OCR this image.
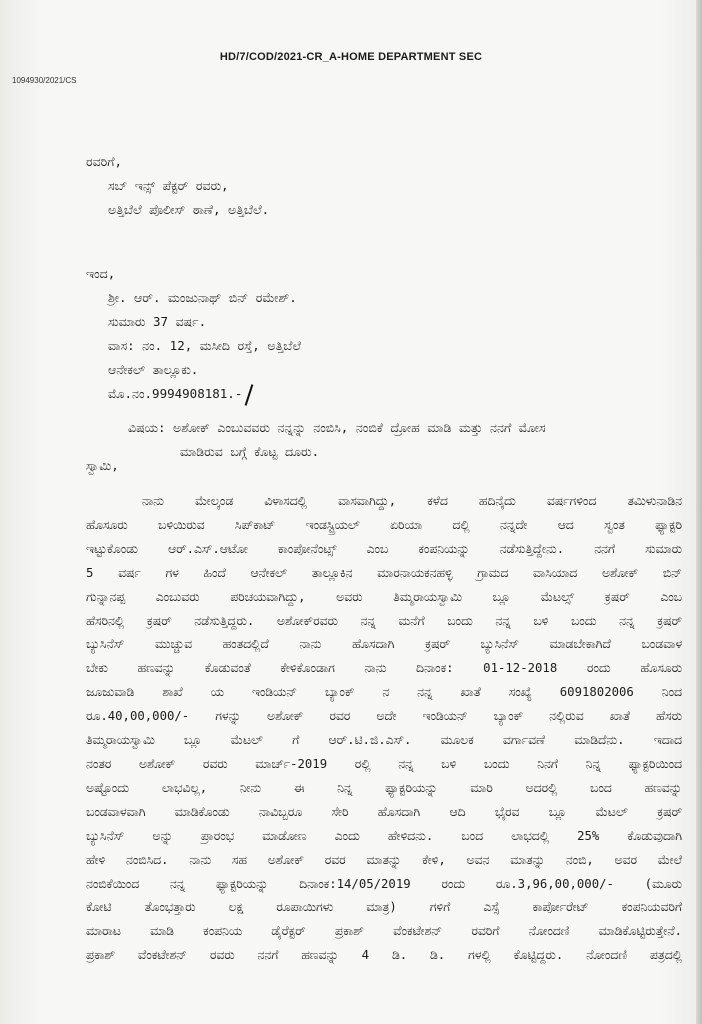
HD/7/COD/2021-CR_A-HOME DEPARTMENT SEC
1094930/2021/CS
ರವರಿಗೆ,
ಸಬ್ ಇನ್ಸ್ ಪೆಕ್ಟರ್ ರವರು,
ಅತ್ತಿಬೆಲೆ ಪೊಲೀಸ್ ಠಾಣೆ, ಅತ್ತಿಬೆಲೆ.
ಇಂದ,
ಶ್ರೀ. ಆರ್. ಮಂಜುನಾಥ್ ಬಿನ್ ರಮೇಶ್.
ಸುಮಾರು 37 ವರ್ಷ.
ವಾಸ: ನಂ. 12, ಮಸೀದಿ ರಸ್ತೆ, ಅತ್ತಿಬೆಲೆ
ಆನೇಕಲ್ ತಾಲ್ಲೂಕು.
ಮೊ.ನಂ.9994908181.-
ವಿಷಯ: ಅಶೋಕ್ ಎಂಬುವವರು ನನ್ನನ್ನು ನಂಬಿಸಿ, ನಂಬಿಕೆ ದ್ರೋಹ ಮಾಡಿ ಮತ್ತು ನನಗೆ ಮೋಸ
ಮಾಡಿರುವ ಬಗ್ಗೆ ಕೊಟ್ಟ ದೂರು.
ಸ್ವಾಮಿ,

ನಾನು ಮೇಲ್ಕಂಡ ವಿಳಾಸದಲ್ಲಿ ವಾಸವಾಗಿದ್ದು, ಕಳೆದ ಹದಿನೈದು ವರ್ಷಗಳಿಂದ ತಮಿಳುನಾಡಿನ

ಹೊಸೂರು ಬಳಿಯಿರುವ ಸಿಪ್‌ಕಾಟ್ ಇಂಡಸ್ಟ್ರಿಯಲ್ ಏರಿಯಾ ದಲ್ಲಿ ನನ್ನದೇ ಆದ ಸ್ವಂತ ಫ್ಯಾಕ್ಟರಿ

ಇಟ್ಟುಕೊಂಡು ಆರ್.ಎಸ್.ಆಟೋ ಕಾಂಪೋನೆಂಟ್ಸ್ ಎಂಬ ಕಂಪನಿಯನ್ನು ನಡೆಸುತ್ತಿದ್ದೇನು. ನನಗೆ ಸುಮಾರು

5 ವರ್ಷ ಗಳ ಹಿಂದೆ ಆನೇಕಲ್ ತಾಲ್ಲೂಕಿನ ಮಾರನಾಯಕನಹಳ್ಳಿ ಗ್ರಾಮದ ವಾಸಿಯಾದ ಅಶೋಕ್ ಬಿನ್

ಗುನ್ನಾನಪ್ಪ ಎಂಬುವರು ಪರಿಚಯವಾಗಿದ್ದು, ಅವರು ತಿಮ್ಮರಾಯಸ್ವಾಮಿ ಬ್ಲೂ ಮೆಟಲ್ಸ್ ಕ್ರಷರ್ ಎಂಬ

ಹೆಸರಿನಲ್ಲಿ ಕ್ರಷರ್ ನಡೆಸುತ್ತಿದ್ದರು. ಅಶೋಕ್‌ರವರು ನನ್ನ ಮನೆಗೆ ಬಂದು ನನ್ನ ಬಳಿ ಬಂದು ನನ್ನ ಕ್ರಷರ್

ಬ್ಯುಸಿನೆಸ್ ಮುಚ್ಚುವ ಹಂತದಲ್ಲಿದೆ ನಾನು ಹೊಸದಾಗಿ ಕ್ರಷರ್ ಬ್ಯುಸಿನೆಸ್ ಮಾಡಬೇಕಾಗಿದೆ ಬಂಡವಾಳ

ಬೇಕು ಹಣವನ್ನು ಕೊಡುವಂತೆ ಕೇಳಿಕೊಂಡಾಗ ನಾನು ದಿನಾಂಕ: 01-12-2018 ರಂದು ಹೊಸೂರು

ಜೂಜುವಾಡಿ ಶಾಖೆ ಯ ಇಂಡಿಯನ್ ಬ್ಯಾಂಕ್ ನ ನನ್ನ ಖಾತೆ ಸಂಖ್ಯೆ 6091802006 ನಿಂದ

ರೂ.40,00,000/- ಗಳನ್ನು ಅಶೋಕ್ ರವರ ಅದೇ ಇಂಡಿಯನ್ ಬ್ಯಾಂಕ್ ನಲ್ಲಿರುವ ಖಾತೆ ಹೆಸರು

ತಿಮ್ಮರಾಯಸ್ವಾಮಿ ಬ್ಲೂ ಮೆಟಲ್ ಗೆ ಆರ್.ಟಿ.ಜಿ.ಎಸ್. ಮೂಲಕ ವರ್ಗಾವಣೆ ಮಾಡಿದೆನು. ಇದಾದ

ನಂತರ ಅಶೋಕ್ ರವರು ಮಾರ್ಚ್-2019 ರಲ್ಲಿ ನನ್ನ ಬಳಿ ಬಂದು ನಿನಗೆ ನಿನ್ನ ಫ್ಯಾಕ್ಟರಿಯಿಂದ

ಅಷ್ಟೊಂದು ಲಾಭವಿಲ್ಲ, ನೀನು ಈ ನಿನ್ನ ಫ್ಯಾಕ್ಟರಿಯನ್ನು ಮಾರಿ ಅದರಲ್ಲಿ ಬಂದ ಹಣವನ್ನು

ಬಂಡವಾಳವಾಗಿ ಮಾಡಿಕೊಂಡು ನಾವಿಬ್ಬರೂ ಸೇರಿ ಹೊಸದಾಗಿ ಆದಿ ಭೈರವ ಬ್ಲೂ ಮೆಟಲ್ ಕ್ರಷರ್

ಬ್ಯುಸಿನೆಸ್ ಅನ್ನು ಪ್ರಾರಂಭ ಮಾಡೋಣ ಎಂದು ಹೇಳಿದನು. ಬಂದ ಲಾಭದಲ್ಲಿ 25% ಕೊಡುವುದಾಗಿ

ಹೇಳಿ ನಂಬಿಸಿದ. ನಾನು ಸಹ ಅಶೋಕ್ ರವರ ಮಾತನ್ನು ಕೇಳಿ, ಅವನ ಮಾತನ್ನು ನಂಬಿ, ಅವರ ಮೇಲೆ

ನಂಬಿಕೆಯಿಂದ ನನ್ನ ಫ್ಯಾಕ್ಟರಿಯನ್ನು ದಿನಾಂಕ:14/05/2019 ರಂದು ರೂ.3,96,00,000/- (ಮೂರು

ಕೋಟಿ ತೊಂಭತ್ತಾರು ಲಕ್ಷ ರೂಪಾಯಿಗಳು ಮಾತ್ರ) ಗಳಿಗೆ ಎಸ್ಸೆ ಕಾರ್ಪೋರೇಟ್ ಕಂಪನಿಯವರಿಗೆ

ಮಾರಾಟ ಮಾಡಿ ಕಂಪನಿಯ ಡೈರೆಕ್ಟರ್ ಪ್ರಕಾಶ್ ವೆಂಕಟೇಶನ್ ರವರಿಗೆ ನೋಂದಣಿ ಮಾಡಿಕೊಟ್ಟಿರುತ್ತೇನೆ.

ಪ್ರಕಾಶ್ ವೆಂಕಟೇಶನ್ ರವರು ನನಗೆ ಹಣವನ್ನು 4 ಡಿ. ಡಿ. ಗಳಲ್ಲಿ ಕೊಟ್ಟಿದ್ದರು. ನೋಂದಣಿ ಪತ್ರದಲ್ಲಿ
